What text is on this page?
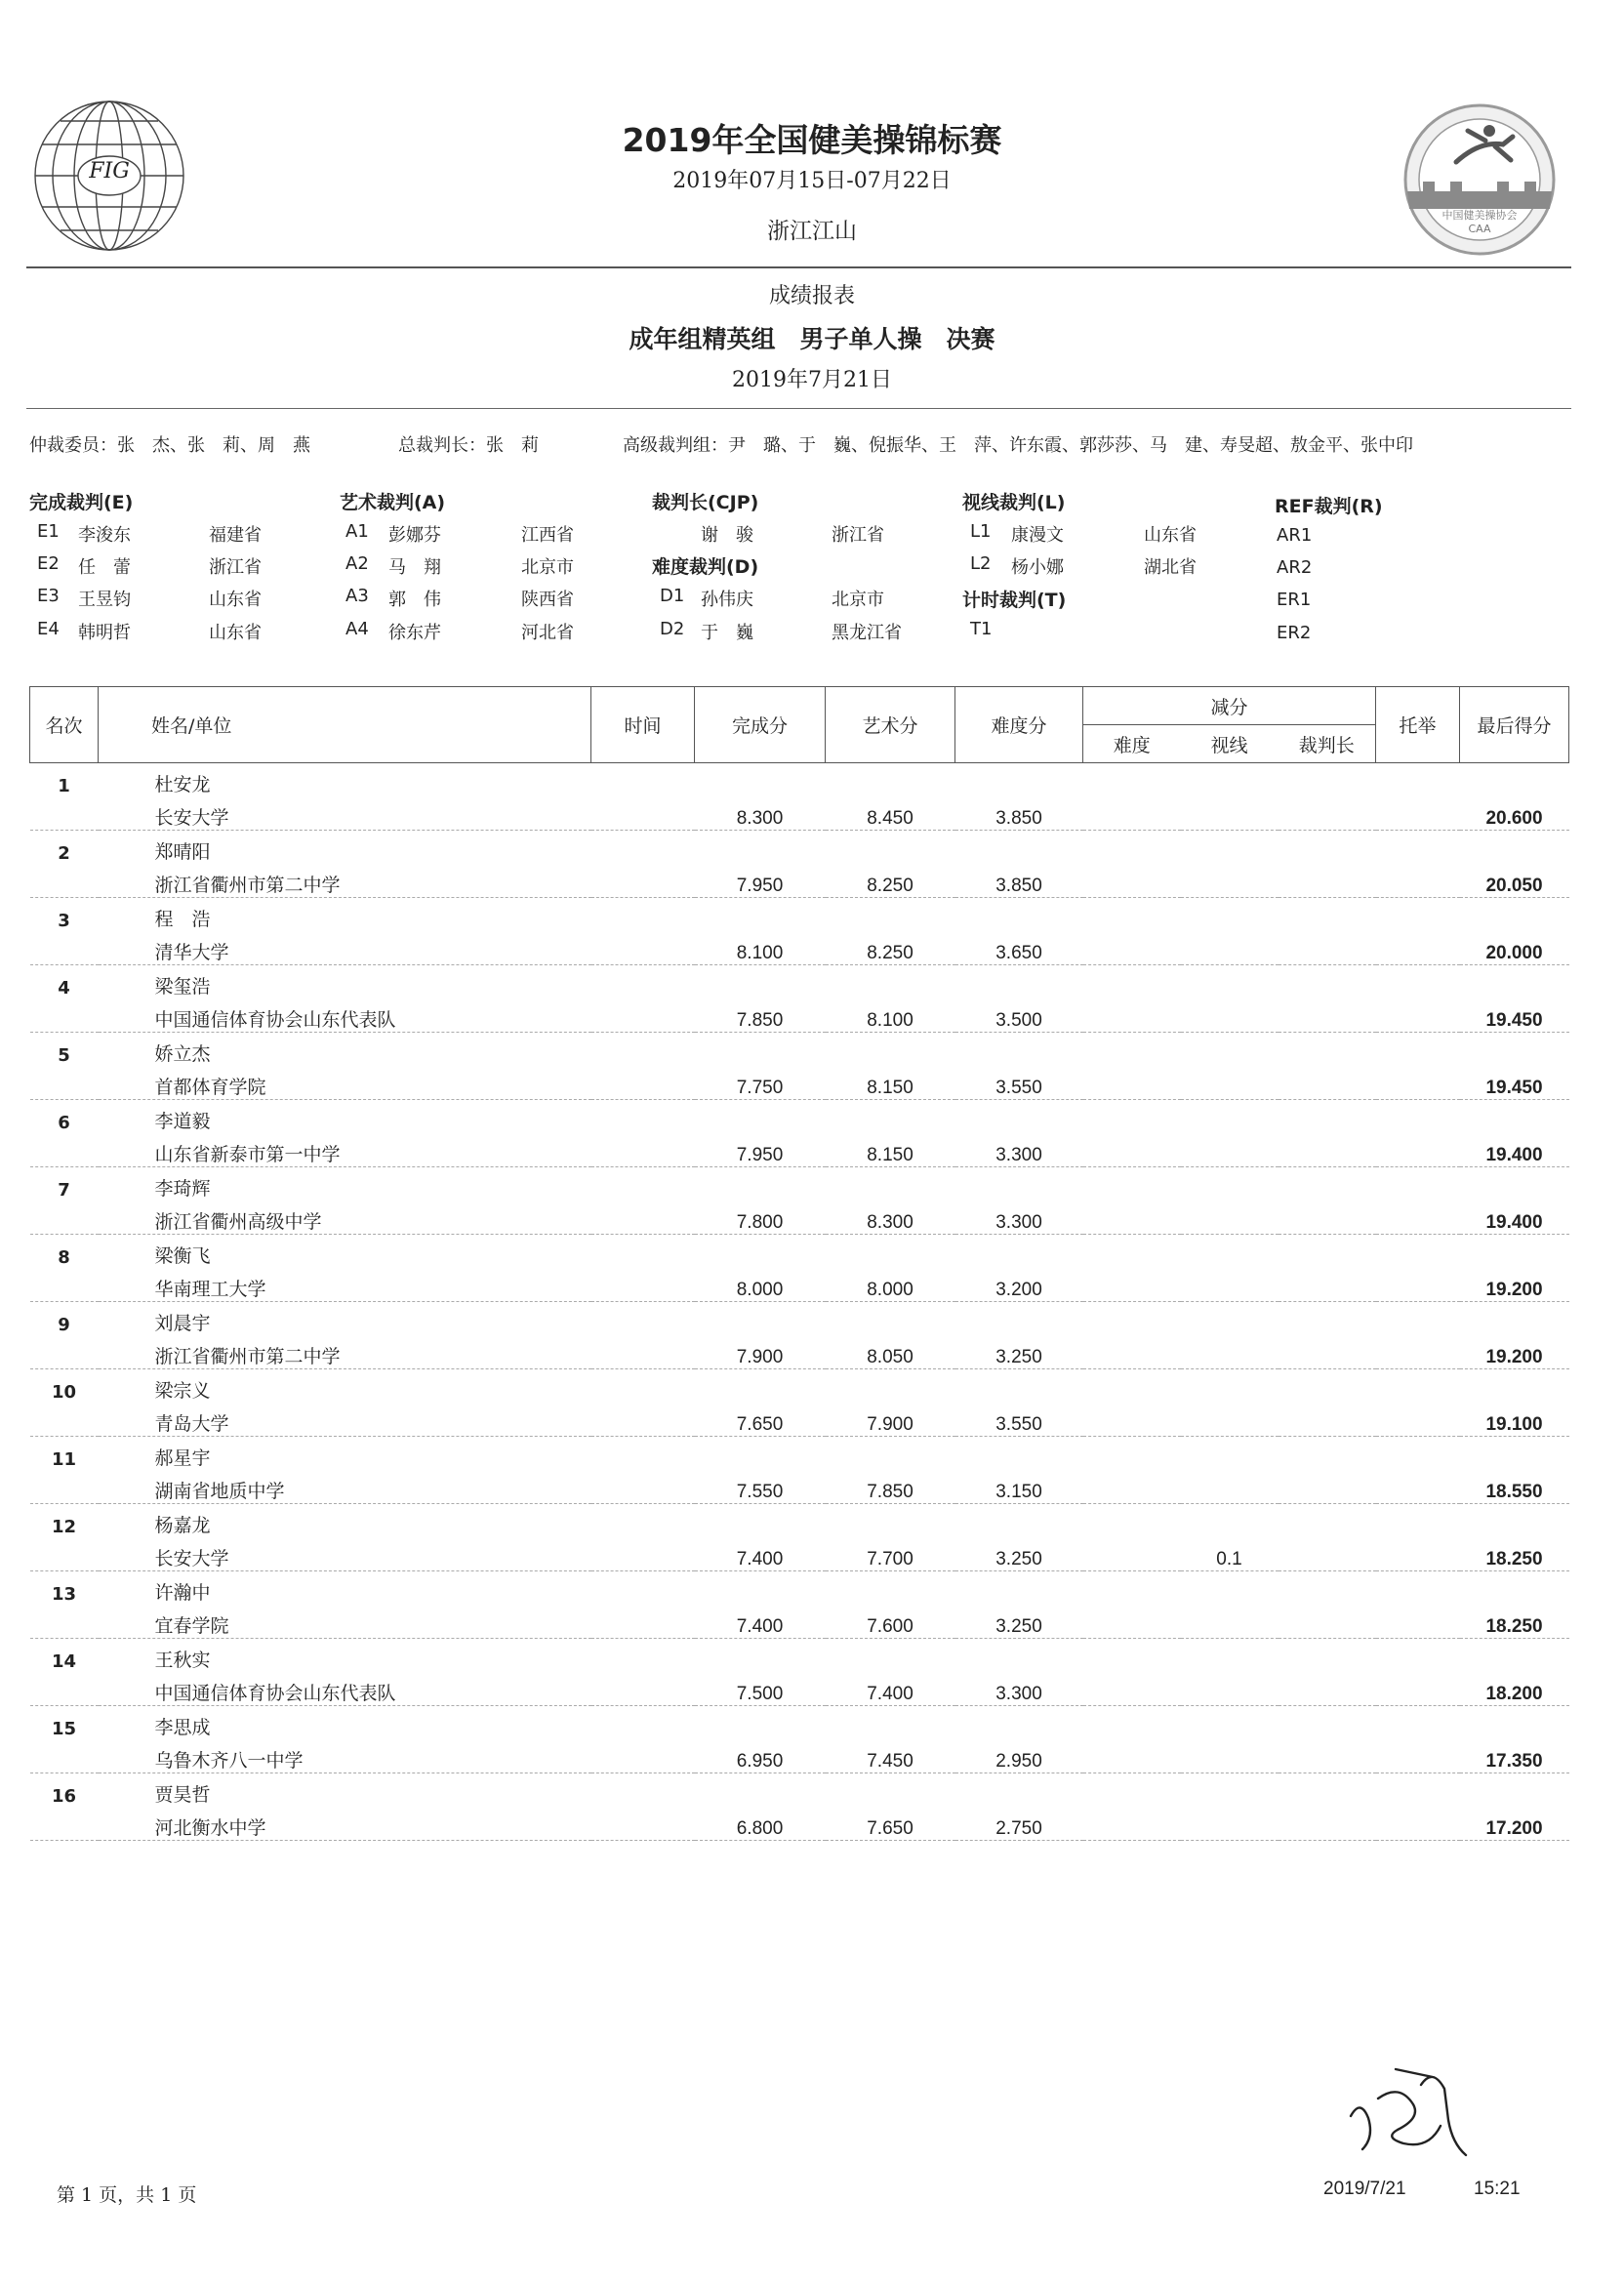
FIG
中国健美操协会
CAA
2019年全国健美操锦标赛
2019年07月15日-07月22日
浙江江山
成绩报表
成年组精英组　男子单人操　决赛
2019年7月21日
仲裁委员：张　杰、张　莉、周　燕	总裁判长：张　莉	高级裁判组：尹　璐、于　巍、倪振华、王　萍、许东霞、郭莎莎、马　建、寿旻超、敖金平、张中印
完成裁判(E)
E1 李浚东	福建省
E2 任　蕾	浙江省
E3 王昱钧	山东省
E4 韩明哲	山东省
艺术裁判(A)
A1 彭娜芬	江西省
A2 马　翔	北京市
A3 郭　伟	陕西省
A4 徐东芹	河北省
裁判长(CJP)
谢　骏	浙江省
难度裁判(D)
D1 孙伟庆	北京市
D2 于　巍	黑龙江省
视线裁判(L)
L1 康漫文	山东省
L2 杨小娜	湖北省
计时裁判(T)
T1
REF裁判(R)
AR1
AR2
ER1
ER2
名次	姓名/单位	时间	完成分	艺术分	难度分	减分			托举	最后得分
						难度	视线	裁判长		
1	杜安龙									
	长安大学		8.300	8.450	3.850					20.600
2	郑晴阳									
	浙江省衢州市第二中学		7.950	8.250	3.850					20.050
3	程　浩									
	清华大学		8.100	8.250	3.650					20.000
4	梁玺浩									
	中国通信体育协会山东代表队		7.850	8.100	3.500					19.450
5	娇立杰									
	首都体育学院		7.750	8.150	3.550					19.450
6	李道毅									
	山东省新泰市第一中学		7.950	8.150	3.300					19.400
7	李琦辉									
	浙江省衢州高级中学		7.800	8.300	3.300					19.400
8	梁衡飞									
	华南理工大学		8.000	8.000	3.200					19.200
9	刘晨宇									
	浙江省衢州市第二中学		7.900	8.050	3.250					19.200
10	梁宗义									
	青岛大学		7.650	7.900	3.550					19.100
11	郝星宇									
	湖南省地质中学		7.550	7.850	3.150					18.550
12	杨嘉龙									
	长安大学		7.400	7.700	3.250		0.1			18.250
13	许瀚中									
	宜春学院		7.400	7.600	3.250					18.250
14	王秋实									
	中国通信体育协会山东代表队		7.500	7.400	3.300					18.200
15	李思成									
	乌鲁木齐八一中学		6.950	7.450	2.950					17.350
16	贾昊哲									
	河北衡水中学		6.800	7.650	2.750					17.200
第 1 页，共 1 页	2019/7/21	15:21
